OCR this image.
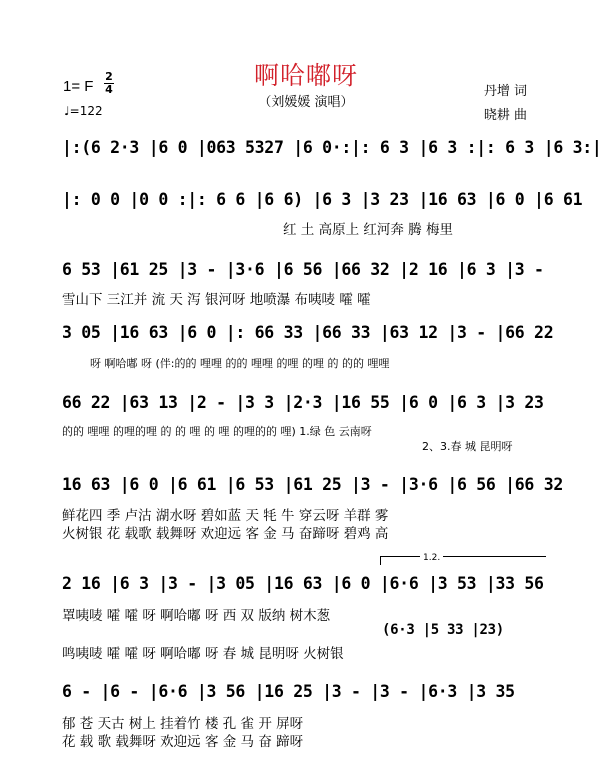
啊哈嘟呀
（刘媛媛 演唱）
1= F
2
4
♩=122
丹增 词
晓耕 曲
|:(6 2·3 |6 0 |063 5327 |6 0·:|: 6 3 |6 3 :|: 6 3 |6 3:|
|: 0 0 |0 0 :|: 6 6 |6 6) |6 3 |3 23 |16 63 |6 0 |6 61
红 土 高原上 红河奔 腾 梅里
6 53 |61 25 |3 - |3·6 |6 56 |66 32 |2 16 |6 3 |3 -
雪山下 三江并 流 天 泻 银河呀 地喷瀑 布咦唛 嚯 嚯
3 05 |16 63 |6 0 |: 66 33 |66 33 |63 12 |3 - |66 22
呀 啊哈嘟 呀 (伴:的的 哩哩 的的 哩哩 的哩 的哩 的 的的 哩哩
66 22 |63 13 |2 - |3 3 |2·3 |16 55 |6 0 |6 3 |3 23
的的 哩哩 的哩的哩 的 的 哩 的 哩 的哩的的 哩) 1.绿 色 云南呀
2、3.春 城 昆明呀
16 63 |6 0 |6 61 |6 53 |61 25 |3 - |3·6 |6 56 |66 32
鲜花四 季 卢沽 湖水呀 碧如蓝 天 牦 牛 穿云呀 羊群 雾
火树银 花 载歌 载舞呀 欢迎远 客 金 马 奋蹄呀 碧鸡 高
1.2.
2 16 |6 3 |3 - |3 05 |16 63 |6 0 |6·6 |3 53 |33 56
罩咦唛 嚯 嚯 呀 啊哈嘟 呀 西 双 版纳 树木葱
(6·3 |5 33 |23)
鸣咦唛 嚯 嚯 呀 啊哈嘟 呀 春 城 昆明呀 火树银
6 - |6 - |6·6 |3 56 |16 25 |3 - |3 - |6·3 |3 35
郁 苍 天古 树上 挂着竹 楼 孔 雀 开 屏呀
花 载 歌 载舞呀 欢迎远 客 金 马 奋 蹄呀
